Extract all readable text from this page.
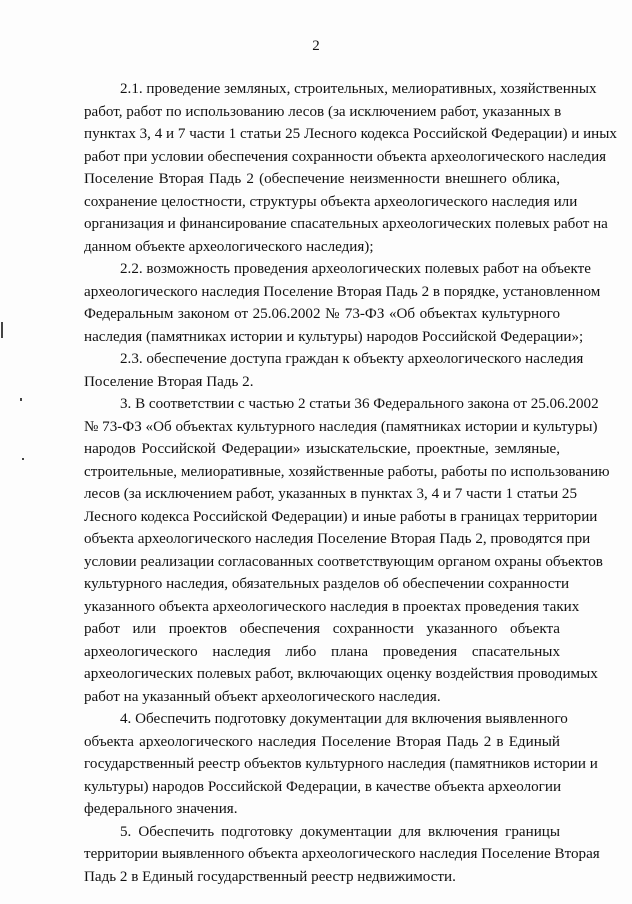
2
2.1. проведение земляных, строительных, мелиоративных, хозяйственных
работ, работ по использованию лесов (за исключением работ, указанных в
пунктах 3, 4 и 7 части 1 статьи 25 Лесного кодекса Российской Федерации) и иных
работ при условии обеспечения сохранности объекта археологического наследия
Поселение Вторая Падь 2 (обеспечение неизменности внешнего облика,
сохранение целостности, структуры объекта археологического наследия или
организация и финансирование спасательных археологических полевых работ на
данном объекте археологического наследия);
2.2. возможность проведения археологических полевых работ на объекте
археологического наследия Поселение Вторая Падь 2 в порядке, установленном
Федеральным законом от 25.06.2002 № 73-ФЗ «Об объектах культурного
наследия (памятниках истории и культуры) народов Российской Федерации»;
2.3. обеспечение доступа граждан к объекту археологического наследия
Поселение Вторая Падь 2.
3. В соответствии с частью 2 статьи 36 Федерального закона от 25.06.2002
№ 73-ФЗ «Об объектах культурного наследия (памятниках истории и культуры)
народов Российской Федерации» изыскательские, проектные, земляные,
строительные, мелиоративные, хозяйственные работы, работы по использованию
лесов (за исключением работ, указанных в пунктах 3, 4 и 7 части 1 статьи 25
Лесного кодекса Российской Федерации) и иные работы в границах территории
объекта археологического наследия Поселение Вторая Падь 2, проводятся при
условии реализации согласованных соответствующим органом охраны объектов
культурного наследия, обязательных разделов об обеспечении сохранности
указанного объекта археологического наследия в проектах проведения таких
работ или проектов обеспечения сохранности указанного объекта
археологического наследия либо плана проведения спасательных
археологических полевых работ, включающих оценку воздействия проводимых
работ на указанный объект археологического наследия.
4. Обеспечить подготовку документации для включения выявленного
объекта археологического наследия Поселение Вторая Падь 2 в Единый
государственный реестр объектов культурного наследия (памятников истории и
культуры) народов Российской Федерации, в качестве объекта археологии
федерального значения.
5. Обеспечить подготовку документации для включения границы
территории выявленного объекта археологического наследия Поселение Вторая
Падь 2 в Единый государственный реестр недвижимости.
